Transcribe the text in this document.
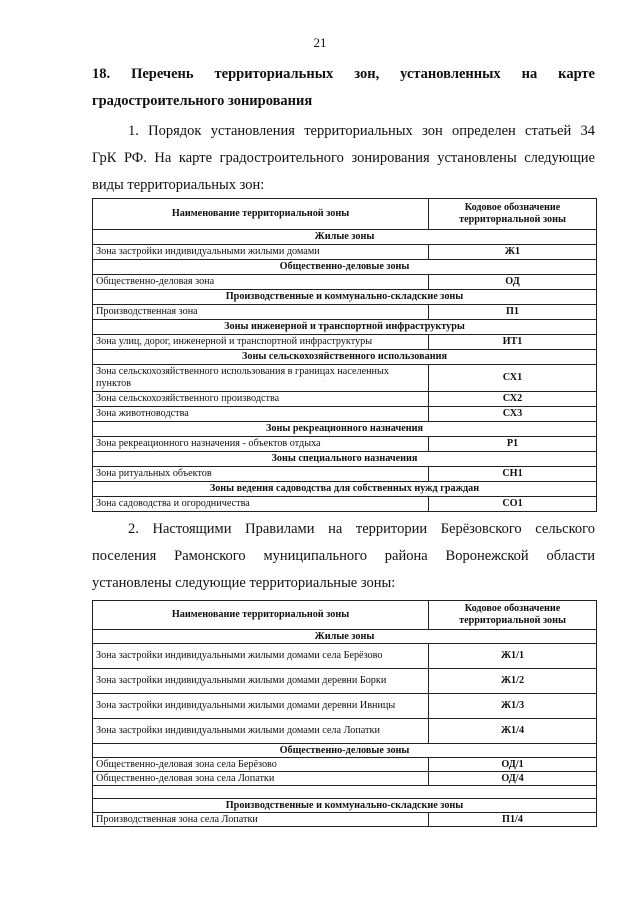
21
18. Перечень территориальных зон, установленных на карте
градостроительного зонирования
1. Порядок установления территориальных зон определен статьей 34
ГрК РФ. На карте градостроительного зонирования установлены следующие
виды территориальных зон:
Наименование территориальной зоны	Кодовое обозначение территориальной зоны
Жилые зоны	
Зона застройки индивидуальными жилыми домами	Ж1
Общественно-деловые зоны	
Общественно-деловая зона	ОД
Производственные и коммунально-складские зоны	
Производственная зона	П1
Зоны инженерной и транспортной инфраструктуры	
Зона улиц, дорог, инженерной и транспортной инфраструктуры	ИТ1
Зоны сельскохозяйственного использования	
Зона сельскохозяйственного использования в границах населенных пунктов	СХ1
Зона сельскохозяйственного производства	СХ2
Зона животноводства	СХ3
Зоны рекреационного назначения	
Зона рекреационного назначения - объектов отдыха	Р1
Зоны специального назначения	
Зона ритуальных объектов	СН1
Зоны ведения садоводства для собственных нужд граждан	
Зона садоводства и огородничества	СО1
2. Настоящими Правилами на территории Берёзовского сельского
поселения Рамонского муниципального района Воронежской области
установлены следующие территориальные зоны:
Наименование территориальной зоны	Кодовое обозначение территориальной зоны
Жилые зоны	
Зона застройки индивидуальными жилыми домами села Берёзово	Ж1/1
Зона застройки индивидуальными жилыми домами деревни Борки	Ж1/2
Зона застройки индивидуальными жилыми домами деревни Ивницы	Ж1/3
Зона застройки индивидуальными жилыми домами села Лопатки	Ж1/4
Общественно-деловые зоны	
Общественно-деловая зона села Берёзово	ОД/1
Общественно-деловая зона села Лопатки	ОД/4

Производственные и коммунально-складские зоны	
Производственная зона села Лопатки	П1/4
